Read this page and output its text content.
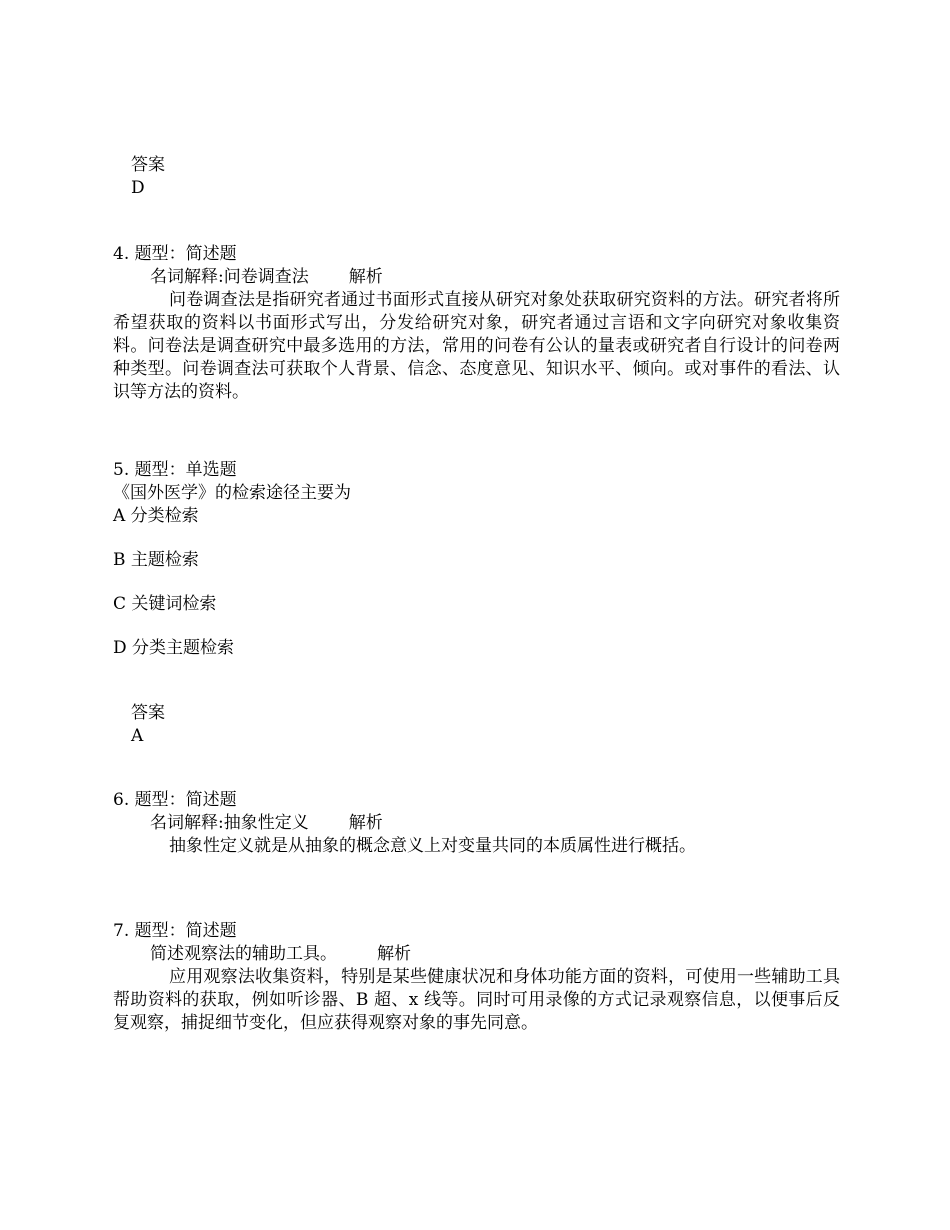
答案
D
4. 题型：简述题
名词解释:问卷调查法 解析
问卷调查法是指研究者通过书面形式直接从研究对象处获取研究资料的方法。研究者将所希望获取的资料以书面形式写出，分发给研究对象，研究者通过言语和文字向研究对象收集资料。问卷法是调查研究中最多选用的方法，常用的问卷有公认的量表或研究者自行设计的问卷两种类型。问卷调查法可获取个人背景、信念、态度意见、知识水平、倾向。或对事件的看法、认识等方法的资料。
5. 题型：单选题
《国外医学》的检索途径主要为
A 分类检索
B 主题检索
C 关键词检索
D 分类主题检索
答案
A
6. 题型：简述题
名词解释:抽象性定义 解析
抽象性定义就是从抽象的概念意义上对变量共同的本质属性进行概括。
7. 题型：简述题
简述观察法的辅助工具。 解析
应用观察法收集资料，特别是某些健康状况和身体功能方面的资料，可使用一些辅助工具帮助资料的获取，例如听诊器、B 超、x 线等。同时可用录像的方式记录观察信息，以便事后反复观察，捕捉细节变化，但应获得观察对象的事先同意。
